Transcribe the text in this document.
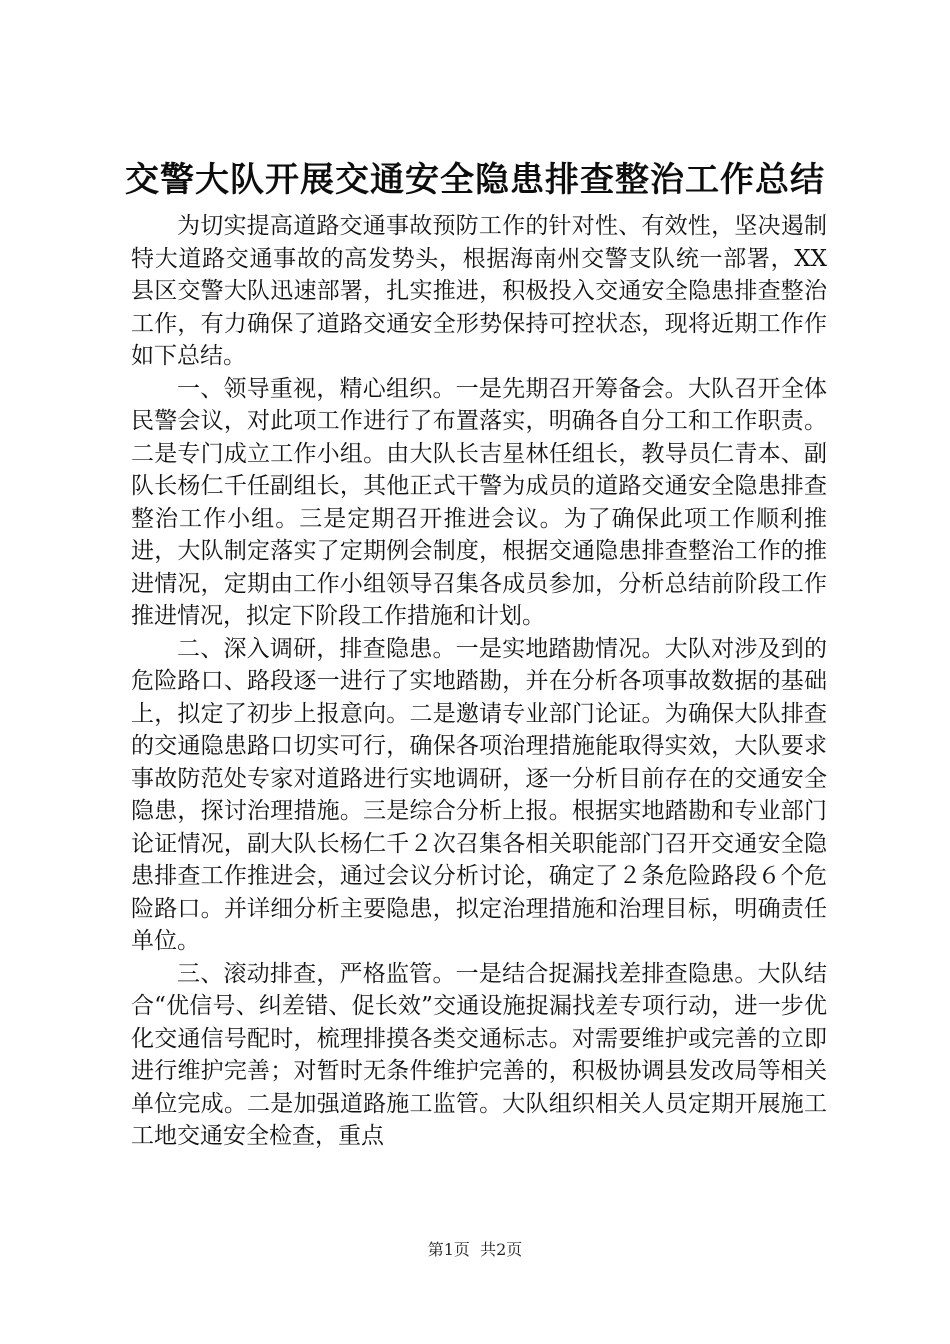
交警大队开展交通安全隐患排查整治工作总结

为切实提高道路交通事故预防工作的针对性、有效性，坚决遏制特大道路交通事故的高发势头，根据海南州交警支队统一部署，XX县区交警大队迅速部署，扎实推进，积极投入交通安全隐患排查整治工作，有力确保了道路交通安全形势保持可控状态，现将近期工作作如下总结。

一、领导重视，精心组织。一是先期召开筹备会。大队召开全体民警会议，对此项工作进行了布置落实，明确各自分工和工作职责。二是专门成立工作小组。由大队长吉星林任组长，教导员仁青本、副队长杨仁千任副组长，其他正式干警为成员的道路交通安全隐患排查整治工作小组。三是定期召开推进会议。为了确保此项工作顺利推进，大队制定落实了定期例会制度，根据交通隐患排查整治工作的推进情况，定期由工作小组领导召集各成员参加，分析总结前阶段工作推进情况，拟定下阶段工作措施和计划。

二、深入调研，排查隐患。一是实地踏勘情况。大队对涉及到的危险路口、路段逐一进行了实地踏勘，并在分析各项事故数据的基础上，拟定了初步上报意向。二是邀请专业部门论证。为确保大队排查的交通隐患路口切实可行，确保各项治理措施能取得实效，大队要求事故防范处专家对道路进行实地调研，逐一分析目前存在的交通安全隐患，探讨治理措施。三是综合分析上报。根据实地踏勘和专业部门论证情况，副大队长杨仁千２次召集各相关职能部门召开交通安全隐患排查工作推进会，通过会议分析讨论，确定了２条危险路段６个危险路口。并详细分析主要隐患，拟定治理措施和治理目标，明确责任单位。

三、滚动排查，严格监管。一是结合捉漏找差排查隐患。大队结合“优信号、纠差错、促长效”交通设施捉漏找差专项行动，进一步优化交通信号配时，梳理排摸各类交通标志。对需要维护或完善的立即进行维护完善；对暂时无条件维护完善的，积极协调县发改局等相关单位完成。二是加强道路施工监管。大队组织相关人员定期开展施工工地交通安全检查，重点

第1页 共2页
